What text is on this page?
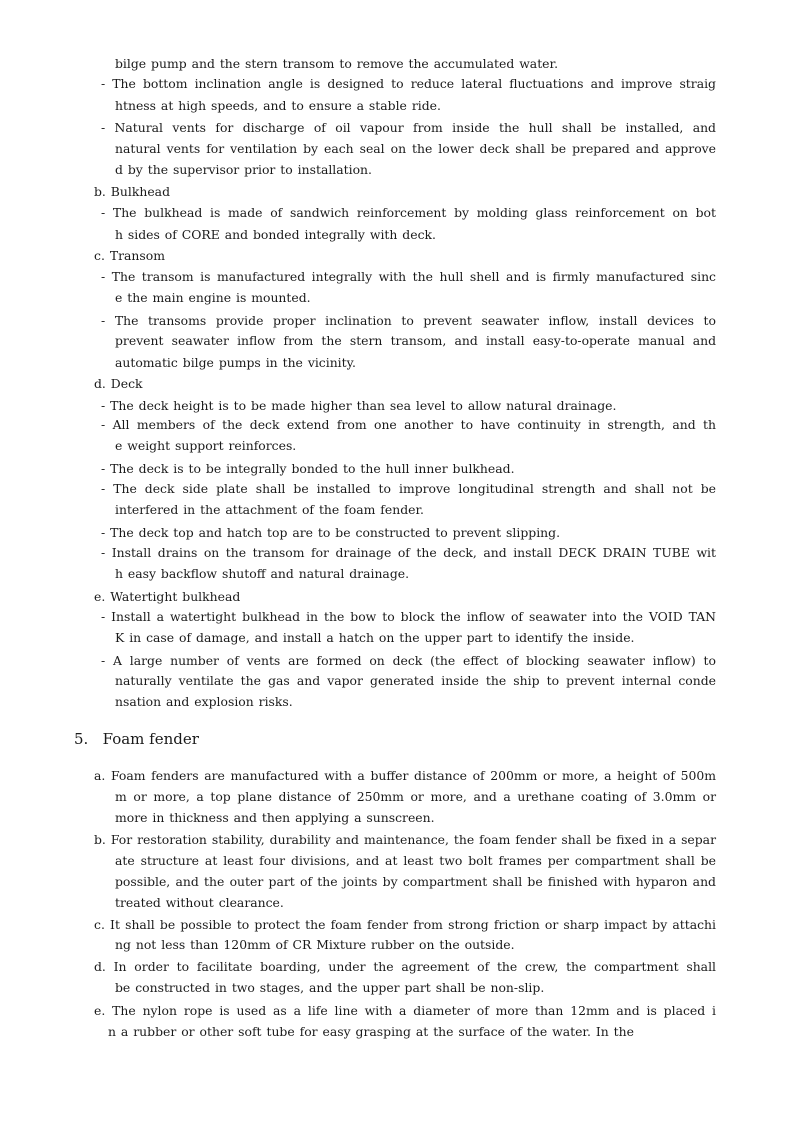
bilge pump and the stern transom to remove the accumulated water.
- The bottom inclination angle is designed to reduce lateral fluctuations and improve straig
htness at high speeds, and to ensure a stable ride.
- Natural vents for discharge of oil vapour from inside the hull shall be installed, and
natural vents for ventilation by each seal on the lower deck shall be prepared and approve
d by the supervisor prior to installation.
b. Bulkhead
- The bulkhead is made of sandwich reinforcement by molding glass reinforcement on bot
h sides of CORE and bonded integrally with deck.
c. Transom
- The transom is manufactured integrally with the hull shell and is firmly manufactured sinc
e the main engine is mounted.
- The transoms provide proper inclination to prevent seawater inflow, install devices to
prevent seawater inflow from the stern transom, and install easy-to-operate manual and
automatic bilge pumps in the vicinity.
d. Deck
- The deck height is to be made higher than sea level to allow natural drainage.
- All members of the deck extend from one another to have continuity in strength, and th
e weight support reinforces.
- The deck is to be integrally bonded to the hull inner bulkhead.
- The deck side plate shall be installed to improve longitudinal strength and shall not be
interfered in the attachment of the foam fender.
- The deck top and hatch top are to be constructed to prevent slipping.
- Install drains on the transom for drainage of the deck, and install DECK DRAIN TUBE wit
h easy backflow shutoff and natural drainage.
e. Watertight bulkhead
- Install a watertight bulkhead in the bow to block the inflow of seawater into the VOID TAN
K in case of damage, and install a hatch on the upper part to identify the inside.
- A large number of vents are formed on deck (the effect of blocking seawater inflow) to
naturally ventilate the gas and vapor generated inside the ship to prevent internal conde
nsation and explosion risks.
5. Foam fender
a. Foam fenders are manufactured with a buffer distance of 200mm or more, a height of 500m
m or more, a top plane distance of 250mm or more, and a urethane coating of 3.0mm or
more in thickness and then applying a sunscreen.
b. For restoration stability, durability and maintenance, the foam fender shall be fixed in a separ
ate structure at least four divisions, and at least two bolt frames per compartment shall be
possible, and the outer part of the joints by compartment shall be finished with hyparon and
treated without clearance.
c. It shall be possible to protect the foam fender from strong friction or sharp impact by attachi
ng not less than 120mm of CR Mixture rubber on the outside.
d. In order to facilitate boarding, under the agreement of the crew, the compartment shall
be constructed in two stages, and the upper part shall be non-slip.
e. The nylon rope is used as a life line with a diameter of more than 12mm and is placed i
n a rubber or other soft tube for easy grasping at the surface of the water. In the
